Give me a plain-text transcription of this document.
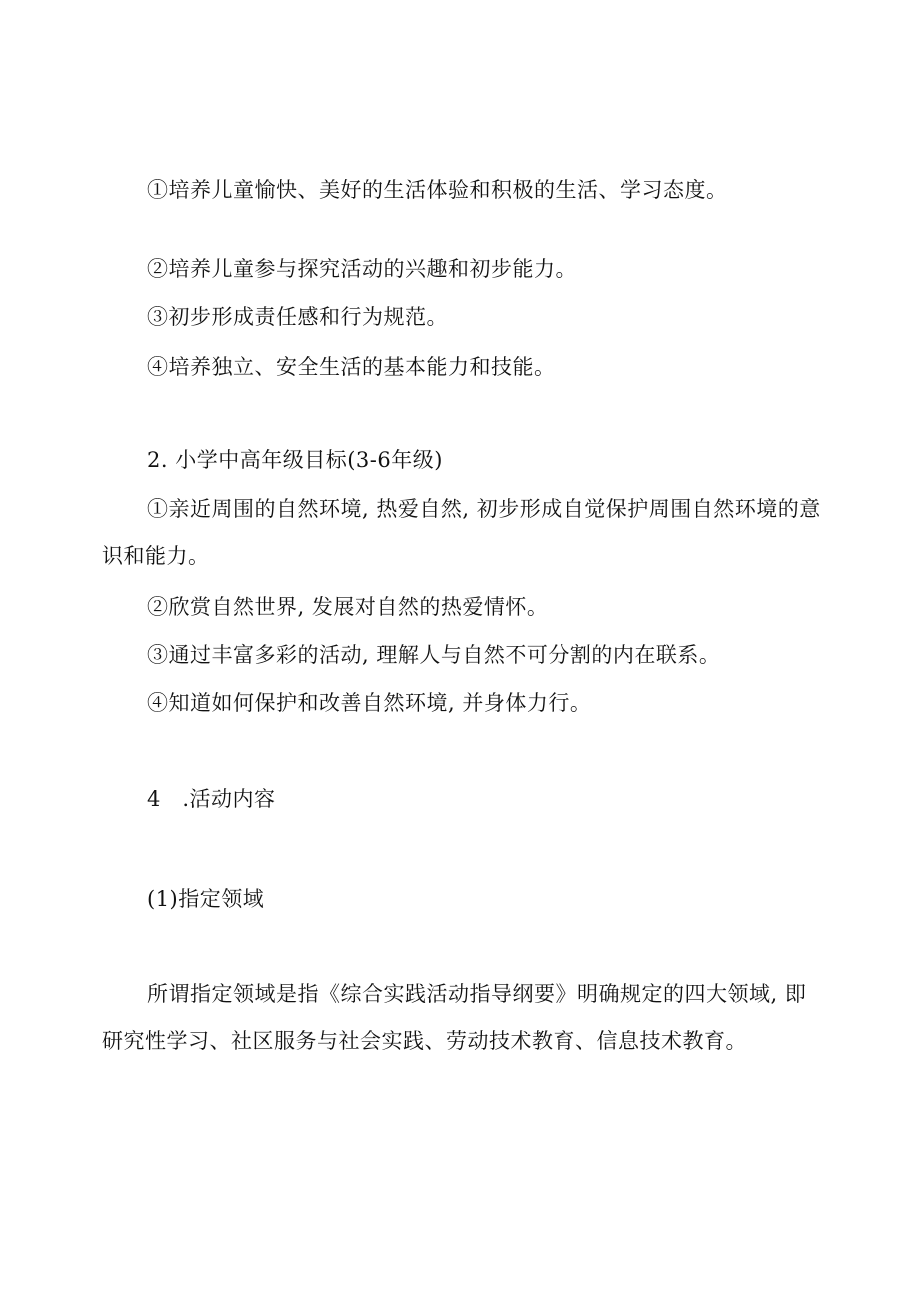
①培养儿童愉快、美好的生活体验和积极的生活、学习态度。
②培养儿童参与探究活动的兴趣和初步能力。
③初步形成责任感和行为规范。
④培养独立、安全生活的基本能力和技能。
2. 小学中高年级目标(3-6年级)
①亲近周围的自然环境, 热爱自然, 初步形成自觉保护周围自然环境的意
识和能力。
②欣赏自然世界, 发展对自然的热爱情怀。
③通过丰富多彩的活动, 理解人与自然不可分割的内在联系。
④知道如何保护和改善自然环境, 并身体力行。
4　.活动内容
(1)指定领域
所谓指定领域是指《综合实践活动指导纲要》明确规定的四大领域, 即
研究性学习、社区服务与社会实践、劳动技术教育、信息技术教育。
